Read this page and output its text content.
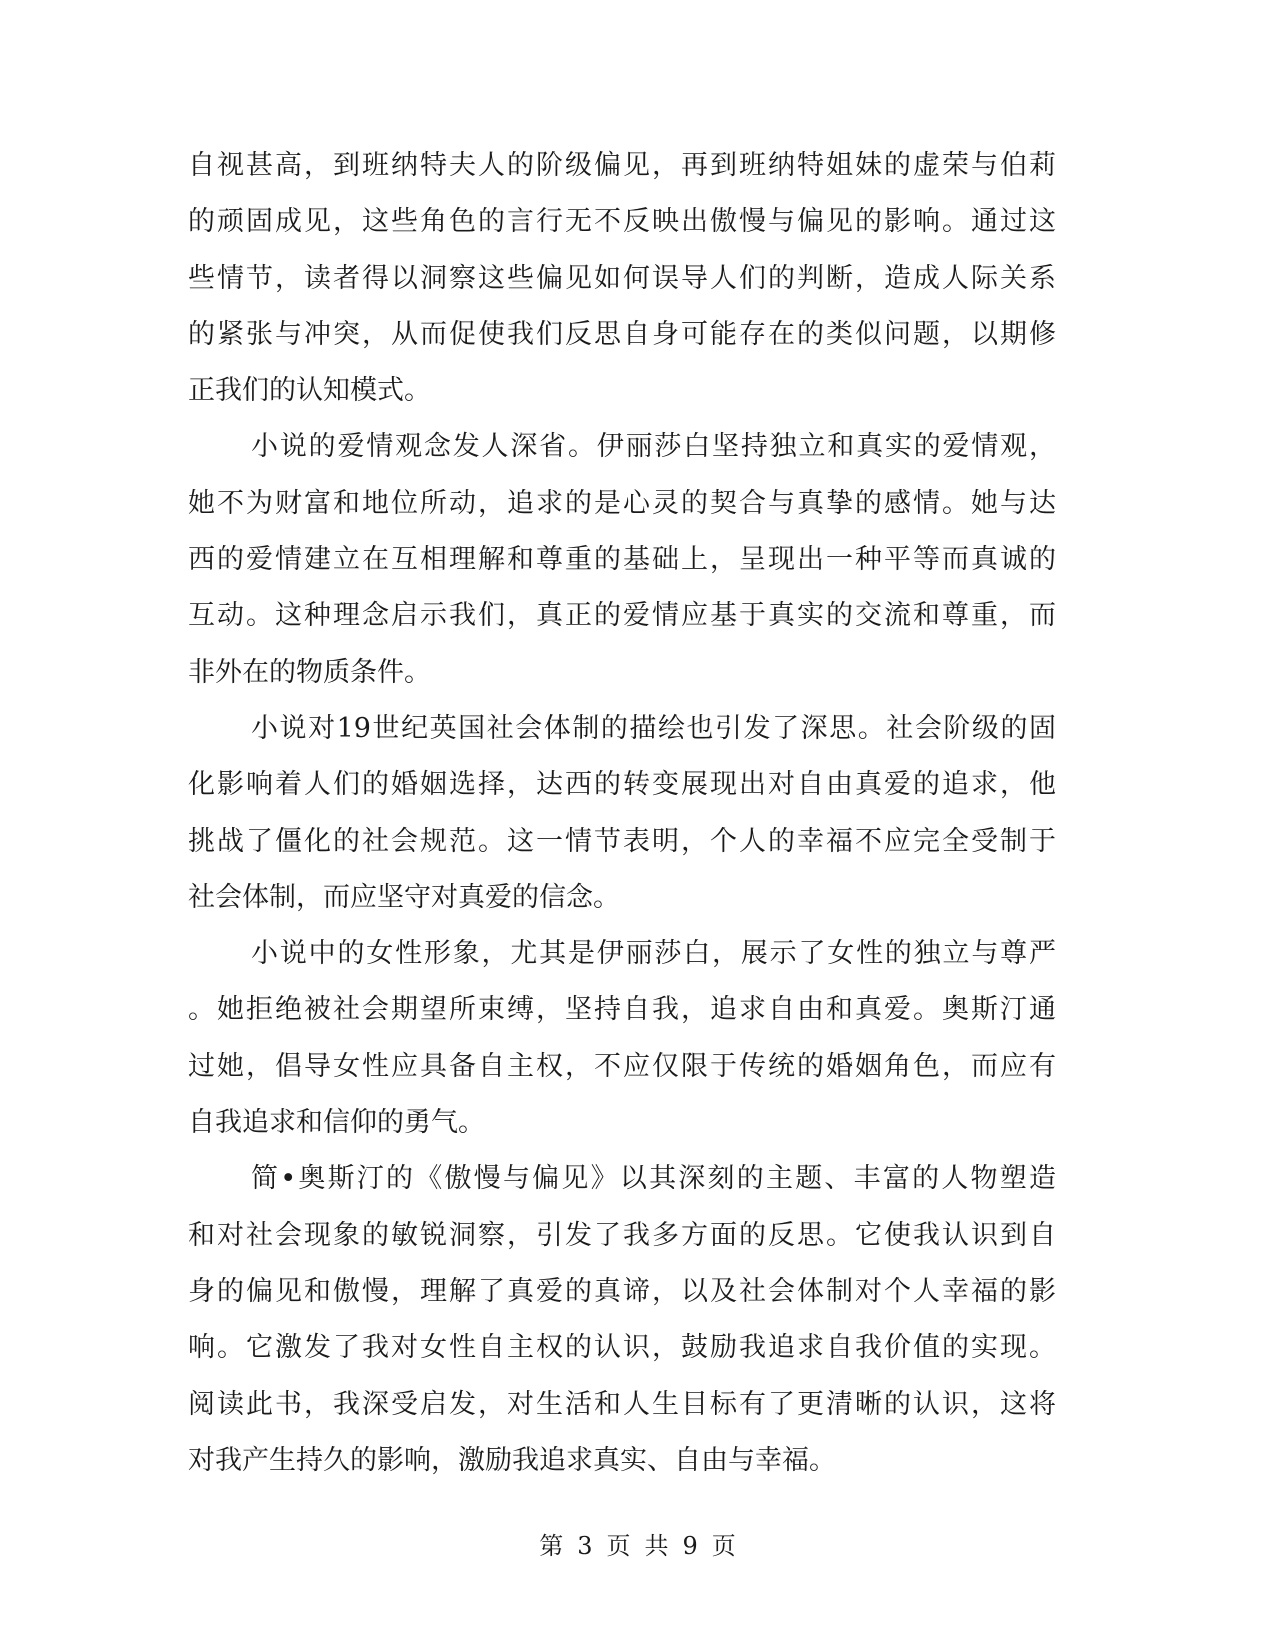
自视甚高，到班纳特夫人的阶级偏见，再到班纳特姐妹的虚荣与伯莉
的顽固成见，这些角色的言行无不反映出傲慢与偏见的影响。通过这
些情节，读者得以洞察这些偏见如何误导人们的判断，造成人际关系
的紧张与冲突，从而促使我们反思自身可能存在的类似问题，以期修
正我们的认知模式。
小说的爱情观念发人深省。伊丽莎白坚持独立和真实的爱情观，
她不为财富和地位所动，追求的是心灵的契合与真挚的感情。她与达
西的爱情建立在互相理解和尊重的基础上，呈现出一种平等而真诚的
互动。这种理念启示我们，真正的爱情应基于真实的交流和尊重，而
非外在的物质条件。
小说对19世纪英国社会体制的描绘也引发了深思。社会阶级的固
化影响着人们的婚姻选择，达西的转变展现出对自由真爱的追求，他
挑战了僵化的社会规范。这一情节表明，个人的幸福不应完全受制于
社会体制，而应坚守对真爱的信念。
小说中的女性形象，尤其是伊丽莎白，展示了女性的独立与尊严
。她拒绝被社会期望所束缚，坚持自我，追求自由和真爱。奥斯汀通
过她，倡导女性应具备自主权，不应仅限于传统的婚姻角色，而应有
自我追求和信仰的勇气。
简•奥斯汀的《傲慢与偏见》以其深刻的主题、丰富的人物塑造
和对社会现象的敏锐洞察，引发了我多方面的反思。它使我认识到自
身的偏见和傲慢，理解了真爱的真谛，以及社会体制对个人幸福的影
响。它激发了我对女性自主权的认识，鼓励我追求自我价值的实现。
阅读此书，我深受启发，对生活和人生目标有了更清晰的认识，这将
对我产生持久的影响，激励我追求真实、自由与幸福。
第 3 页 共 9 页
